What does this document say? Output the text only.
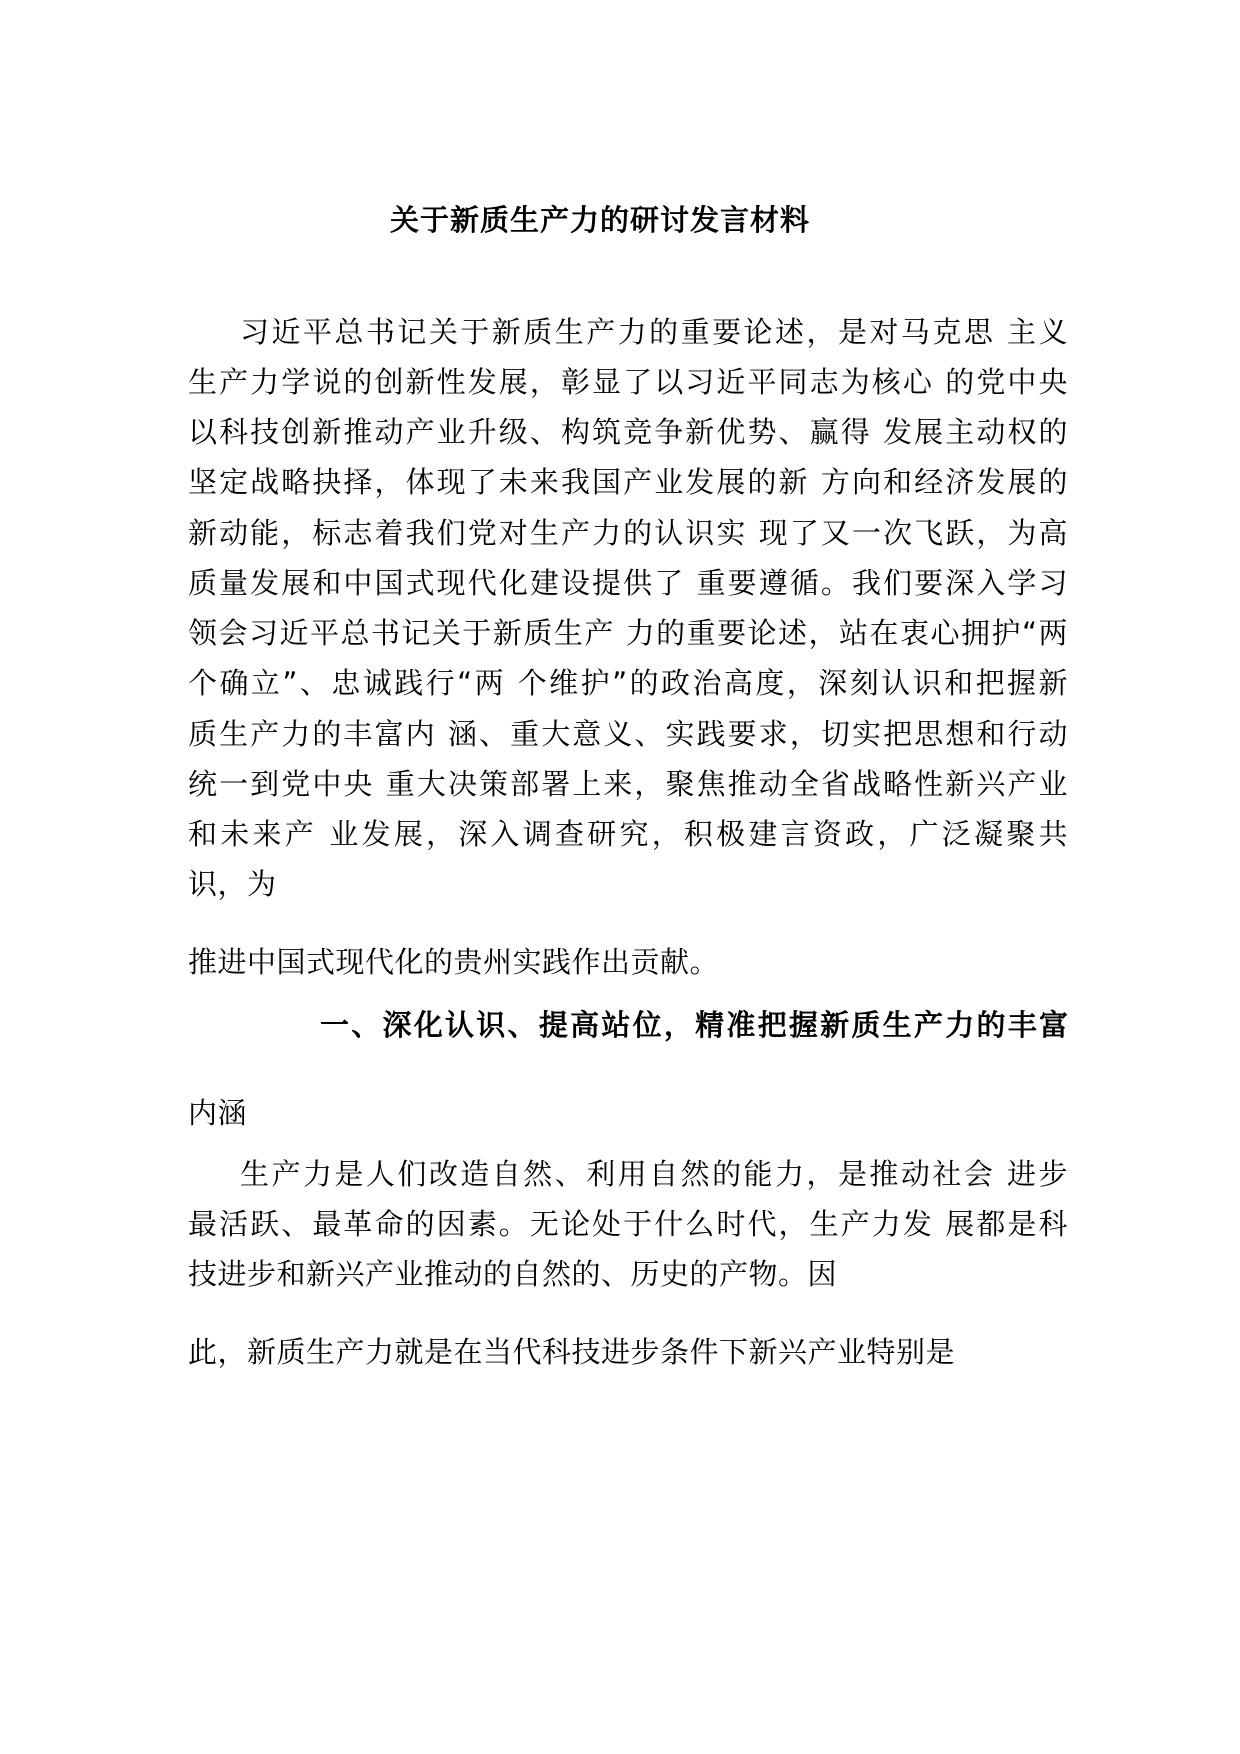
关于新质生产力的研讨发言材料
习近平总书记关于新质生产力的重要论述，是对马克思 主义
生产力学说的创新性发展，彰显了以习近平同志为核心 的党中央
以科技创新推动产业升级、构筑竞争新优势、赢得 发展主动权的
坚定战略抉择，体现了未来我国产业发展的新 方向和经济发展的
新动能，标志着我们党对生产力的认识实 现了又一次飞跃，为高
质量发展和中国式现代化建设提供了 重要遵循。我们要深入学习
领会习近平总书记关于新质生产 力的重要论述，站在衷心拥护“两
个确立”、忠诚践行“两 个维护”的政治高度，深刻认识和把握新
质生产力的丰富内 涵、重大意义、实践要求，切实把思想和行动
统一到党中央 重大决策部署上来，聚焦推动全省战略性新兴产业
和未来产 业发展，深入调查研究，积极建言资政，广泛凝聚共
识，为
推进中国式现代化的贵州实践作出贡献。
一、深化认识、提高站位，精准把握新质生产力的丰富
内涵
生产力是人们改造自然、利用自然的能力，是推动社会 进步
最活跃、最革命的因素。无论处于什么时代，生产力发 展都是科
技进步和新兴产业推动的自然的、历史的产物。因
此，新质生产力就是在当代科技进步条件下新兴产业特别是
